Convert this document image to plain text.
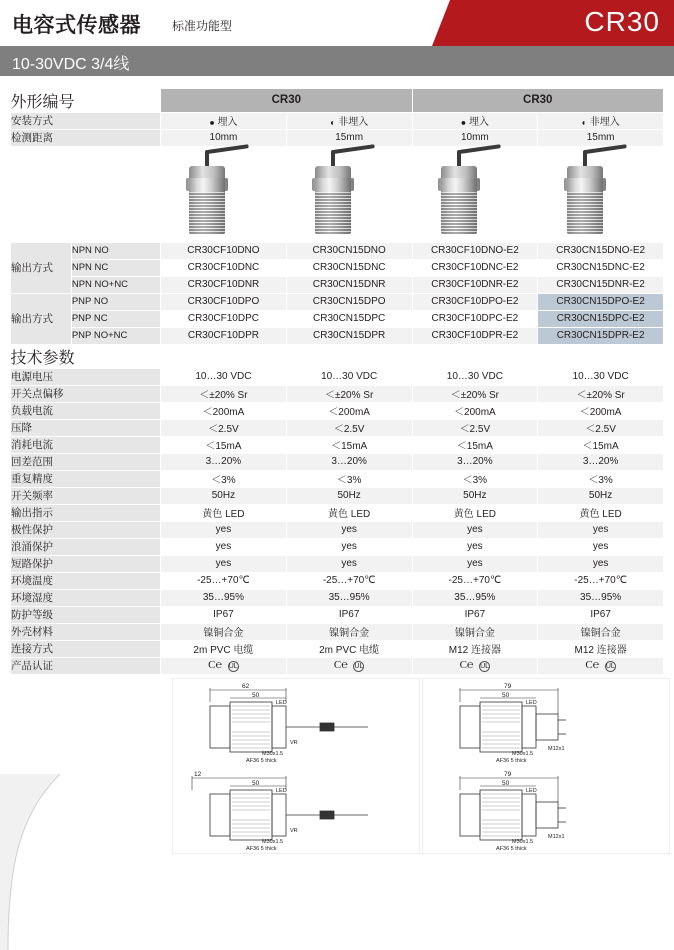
电容式传感器	标准功能型	CR30
10-30VDC 3/4线
外形编号		CR30		CR30	
安装方式		● 埋入	◐ 非埋入	● 埋入	◐ 非埋入
检测距离		10mm	15mm	10mm	15mm

输出方式	NPN NO	CR30CF10DNO	CR30CN15DNO	CR30CF10DNO-E2	CR30CN15DNO-E2
	NPN NC	CR30CF10DNC	CR30CN15DNC	CR30CF10DNC-E2	CR30CN15DNC-E2
	NPN NO+NC	CR30CF10DNR	CR30CN15DNR	CR30CF10DNR-E2	CR30CN15DNR-E2
输出方式	PNP NO	CR30CF10DPO	CR30CN15DPO	CR30CF10DPO-E2	CR30CN15DPO-E2
	PNP NC	CR30CF10DPC	CR30CN15DPC	CR30CF10DPC-E2	CR30CN15DPC-E2
	PNP NO+NC	CR30CF10DPR	CR30CN15DPR	CR30CF10DPR-E2	CR30CN15DPR-E2
技术参数					
电源电压		10…30 VDC	10…30 VDC	10…30 VDC	10…30 VDC
开关点偏移		＜±20% Sr	＜±20% Sr	＜±20% Sr	＜±20% Sr
负载电流		＜200mA	＜200mA	＜200mA	＜200mA
压降		＜2.5V	＜2.5V	＜2.5V	＜2.5V
消耗电流		＜15mA	＜15mA	＜15mA	＜15mA
回差范围		3…20%	3…20%	3…20%	3…20%
重复精度		＜3%	＜3%	＜3%	＜3%
开关频率		50Hz	50Hz	50Hz	50Hz
输出指示		黄色 LED	黄色 LED	黄色 LED	黄色 LED
极性保护		yes	yes	yes	yes
浪涌保护		yes	yes	yes	yes
短路保护		yes	yes	yes	yes
环境温度		-25…+70℃	-25…+70℃	-25…+70℃	-25…+70℃
环境湿度		35…95%	35…95%	35…95%	35…95%
防护等级		IP67	IP67	IP67	IP67
外壳材料		镍铜合金	镍铜合金	镍铜合金	镍铜合金
连接方式		2m PVC 电缆	2m PVC 电缆	M12 连接器	M12 连接器
产品认证		C℮ UL	C℮ UL	C℮ UL	C℮ UL
62
50
LED
VR
M30x1.5
AF36 5 thick
12
50
LED
VR
M30x1.5
AF36 5 thick
79
50
LED
M12x1
M30x1.5
AF36 5 thick
79
50
LED
M12x1
M30x1.5
AF36 5 thick
